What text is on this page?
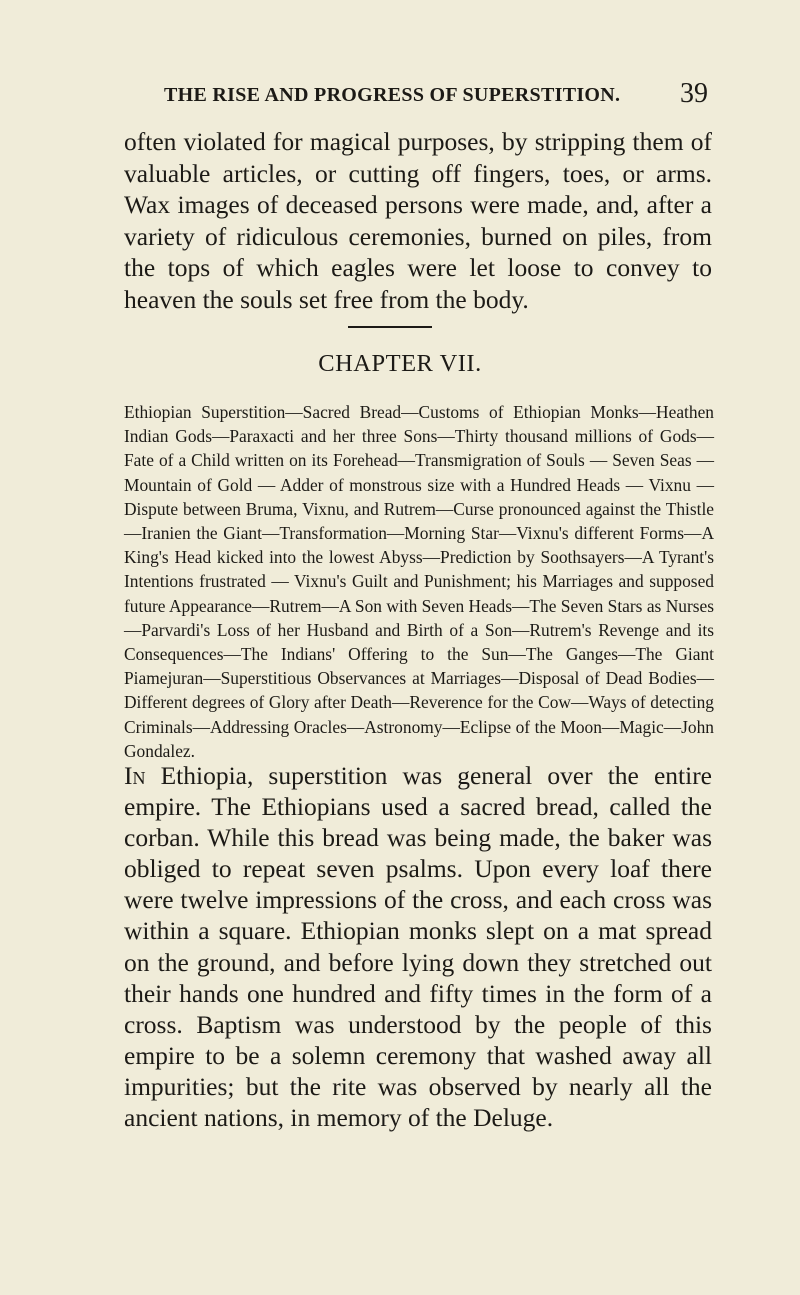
THE RISE AND PROGRESS OF SUPERSTITION. 39

often violated for magical purposes, by stripping them of valuable articles, or cutting off fingers, toes, or arms. Wax images of deceased persons were made, and, after a variety of ridiculous ceremonies, burned on piles, from the tops of which eagles were let loose to convey to heaven the souls set free from the body.

CHAPTER VII.

Ethiopian Superstition—Sacred Bread—Customs of Ethiopian Monks—Heathen Indian Gods—Paraxacti and her three Sons—Thirty thousand millions of Gods—Fate of a Child written on its Forehead—Transmigration of Souls — Seven Seas — Mountain of Gold — Adder of monstrous size with a Hundred Heads — Vixnu — Dispute between Bruma, Vixnu, and Rutrem—Curse pronounced against the Thistle—Iranien the Giant—Transformation—Morning Star—Vixnu's different Forms—A King's Head kicked into the lowest Abyss—Prediction by Soothsayers—A Tyrant's Intentions frustrated — Vixnu's Guilt and Punishment; his Marriages and supposed future Appearance—Rutrem—A Son with Seven Heads—The Seven Stars as Nurses—Parvardi's Loss of her Husband and Birth of a Son—Rutrem's Revenge and its Consequences—The Indians' Offering to the Sun—The Ganges—The Giant Piamejuran—Superstitious Observances at Marriages—Disposal of Dead Bodies—Different degrees of Glory after Death—Reverence for the Cow—Ways of detecting Criminals—Addressing Oracles—Astronomy—Eclipse of the Moon—Magic—John Gondalez.

In Ethiopia, superstition was general over the entire empire. The Ethiopians used a sacred bread, called the corban. While this bread was being made, the baker was obliged to repeat seven psalms. Upon every loaf there were twelve impressions of the cross, and each cross was within a square. Ethiopian monks slept on a mat spread on the ground, and before lying down they stretched out their hands one hundred and fifty times in the form of a cross. Baptism was understood by the people of this empire to be a solemn ceremony that washed away all impurities; but the rite was observed by nearly all the ancient nations, in memory of the Deluge.
